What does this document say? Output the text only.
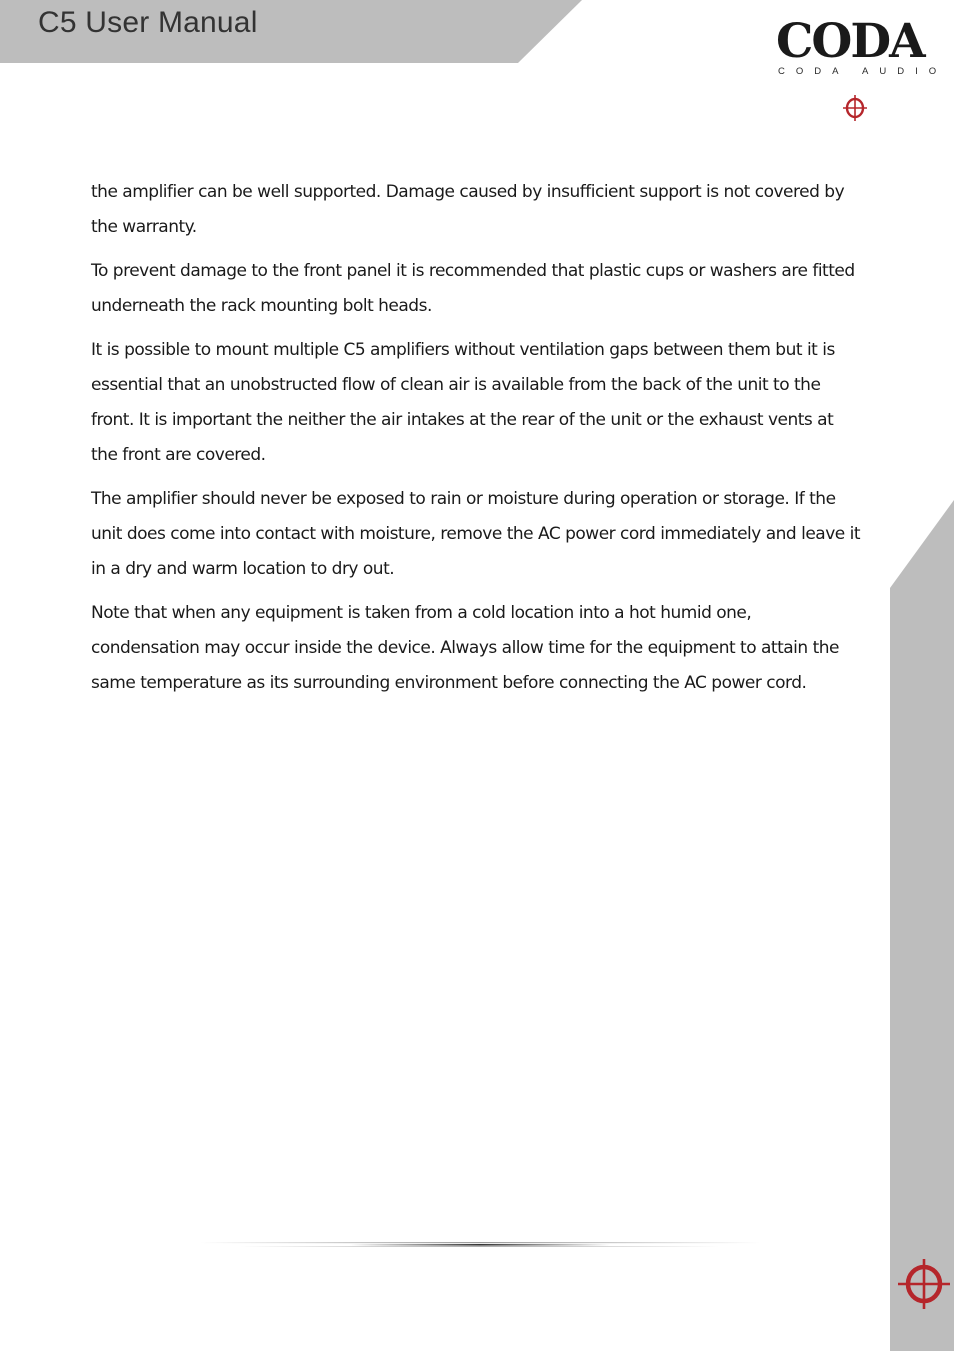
C5 User Manual	CODA
CODA AUDIO

the amplifier can be well supported. Damage caused by insufficient support is not covered by the warranty.

To prevent damage to the front panel it is recommended that plastic cups or washers are fitted underneath the rack mounting bolt heads.

It is possible to mount multiple C5 amplifiers without ventilation gaps between them but it is essential that an unobstructed flow of clean air is available from the back of the unit to the front. It is important the neither the air intakes at the rear of the unit or the exhaust vents at the front are covered.

The amplifier should never be exposed to rain or moisture during operation or storage. If the unit does come into contact with moisture, remove the AC power cord immediately and leave it in a dry and warm location to dry out.

Note that when any equipment is taken from a cold location into a hot humid one, condensation may occur inside the device. Always allow time for the equipment to attain the same temperature as its surrounding environment before connecting the AC power cord.
